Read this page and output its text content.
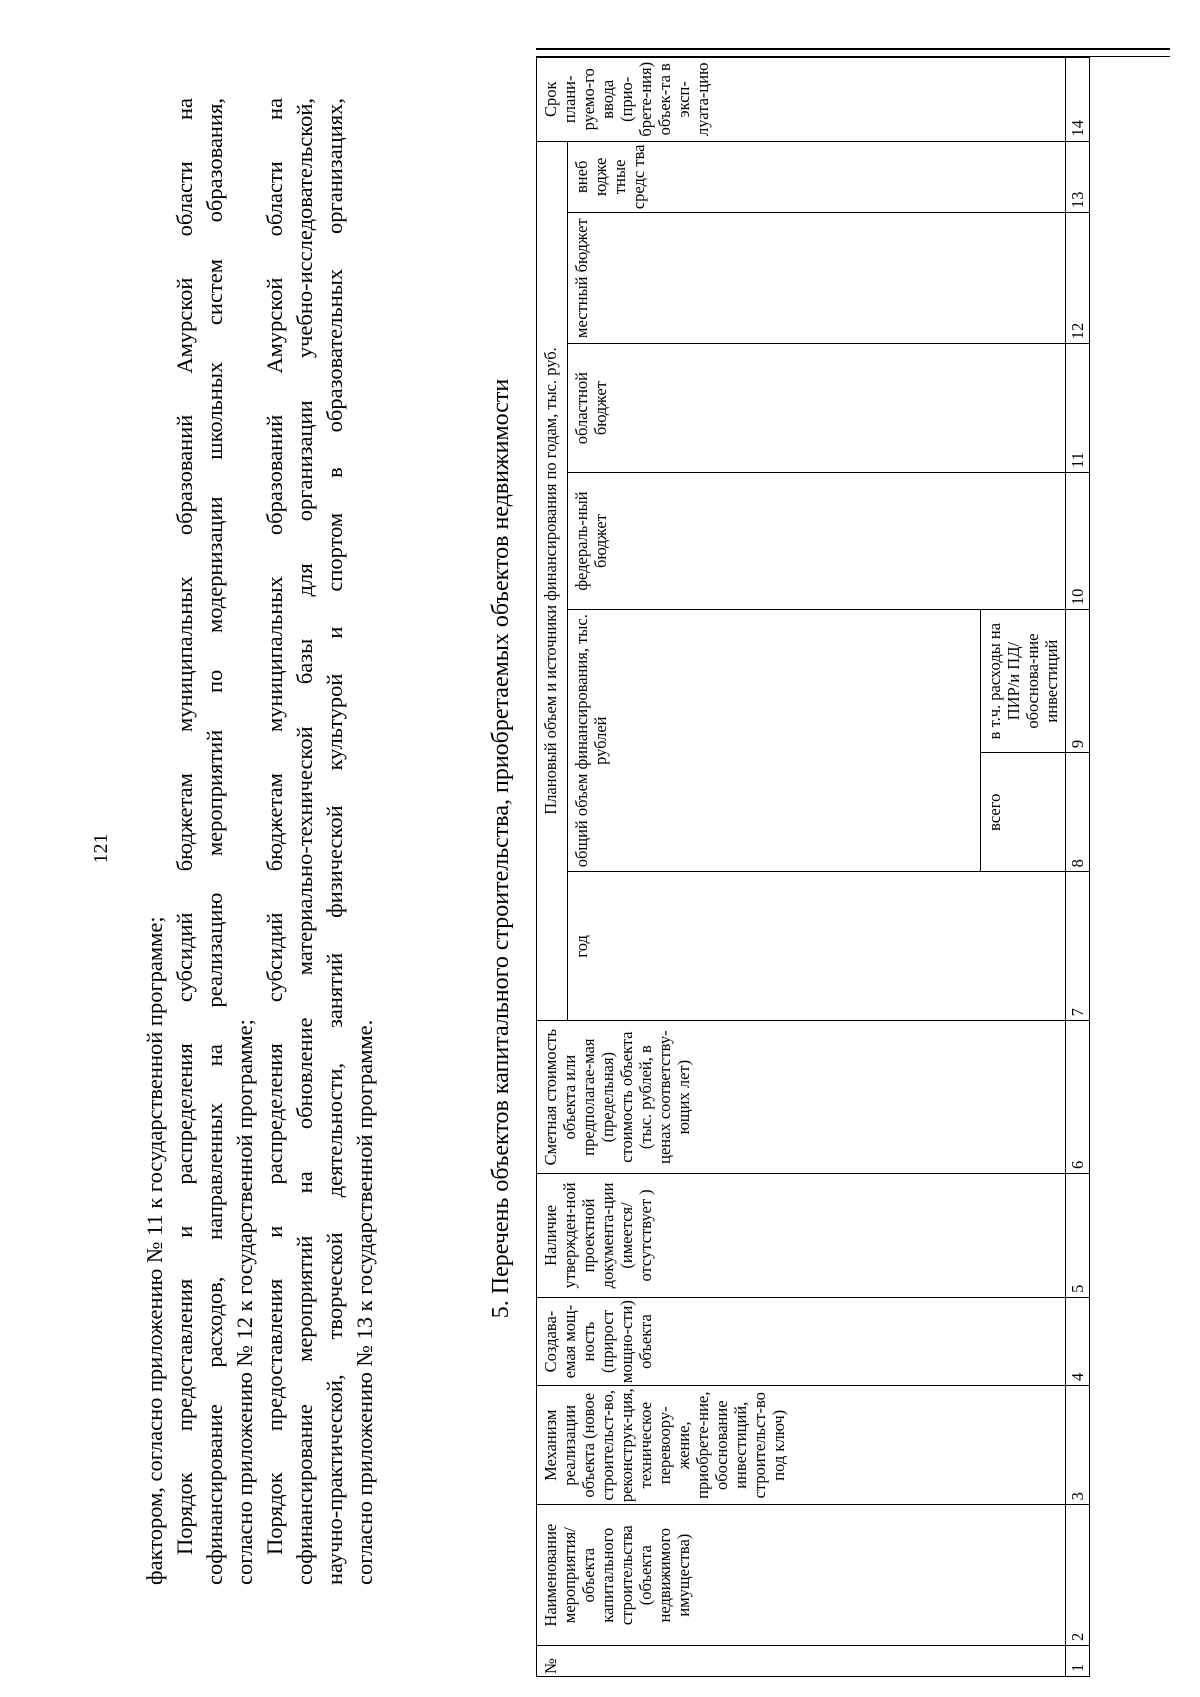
121
фактором, согласно приложению № 11 к государственной программе; Порядок предоставления и распределения субсидий бюджетам муниципальных образований Амурской области на софинансирование расходов, направленных на реализацию мероприятий по модернизации школьных систем образования, согласно приложению № 12 к государственной программе; Порядок предоставления и распределения субсидий бюджетам муниципальных образований Амурской области на софинансирование мероприятий на обновление материально-технической базы для организации учебно-исследовательской, научно-практической, творческой деятельности, занятий физической культурой и спортом в образовательных организациях, согласно приложению № 13 к государственной программе.	5. Перечень объектов капитального строительства, приобретаемых объектов недвижимости
№	Наименование мероприятия/ объекта капитального строительства (объекта недвижимого имущества)	Механизм реализации объекта (новое строительст-во, реконструк-ция, техническое перевоору-жение, приобрете-ние, обоснование инвестиций, строительст-во под ключ)	Создава-емая мощ-ность (прирост мощно-сти) объекта	Наличие утвержден-ной проектной документа-ции (имеется/ отсутствует )	Сметная стоимость объекта или предполагае-мая (предельная) стоимость объекта (тыс. рублей, в ценах соответству-ющих лет)	Плановый объем и источники финансирования по годам, тыс. руб.							Срок плани-руемо-го ввода (прио-брете-ния) объек-та в эксп-луата-цию
						год	общий объем финансирования, тыс. рублей		федераль-ный бюджет	областной бюджет	местный бюджет	внеб юдже тные средс тва	
							всего	в т.ч. расходы на ПИР/и ПД/ обоснова-ние инвестиций					
1	2	3	4	5	6	7	8	9	10	11	12	13	14
